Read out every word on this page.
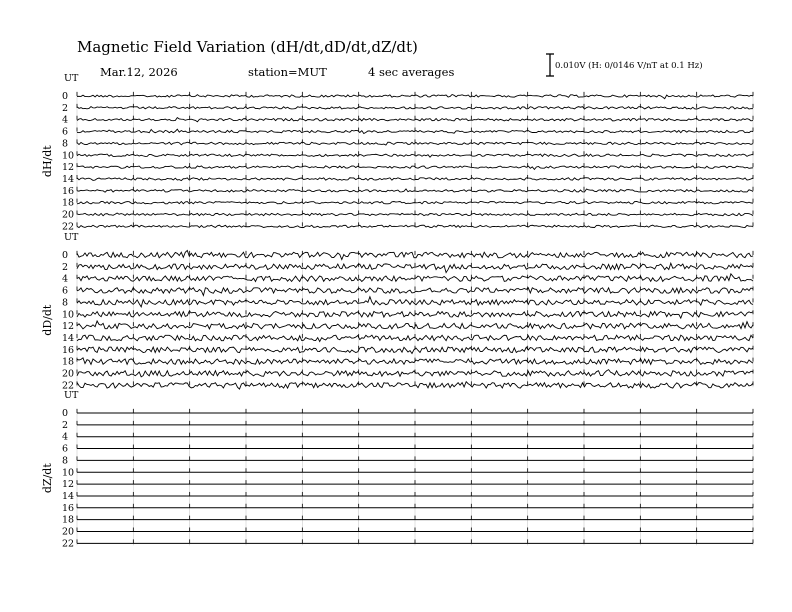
Magnetic Field Variation (dH/dt,dD/dt,dZ/dt)
Mar.12, 2026	station=MUT	4 sec averages	0.010V (H: 0/0146 V/nT at 0.1 Hz)
UT
dH/dt
0
2
4
6
8
10
12
14
16
18
20
22
UT
dD/dt
0
2
4
6
8
10
12
14
16
18
20
22
UT
dZ/dt
0
2
4
6
8
10
12
14
16
18
20
22
